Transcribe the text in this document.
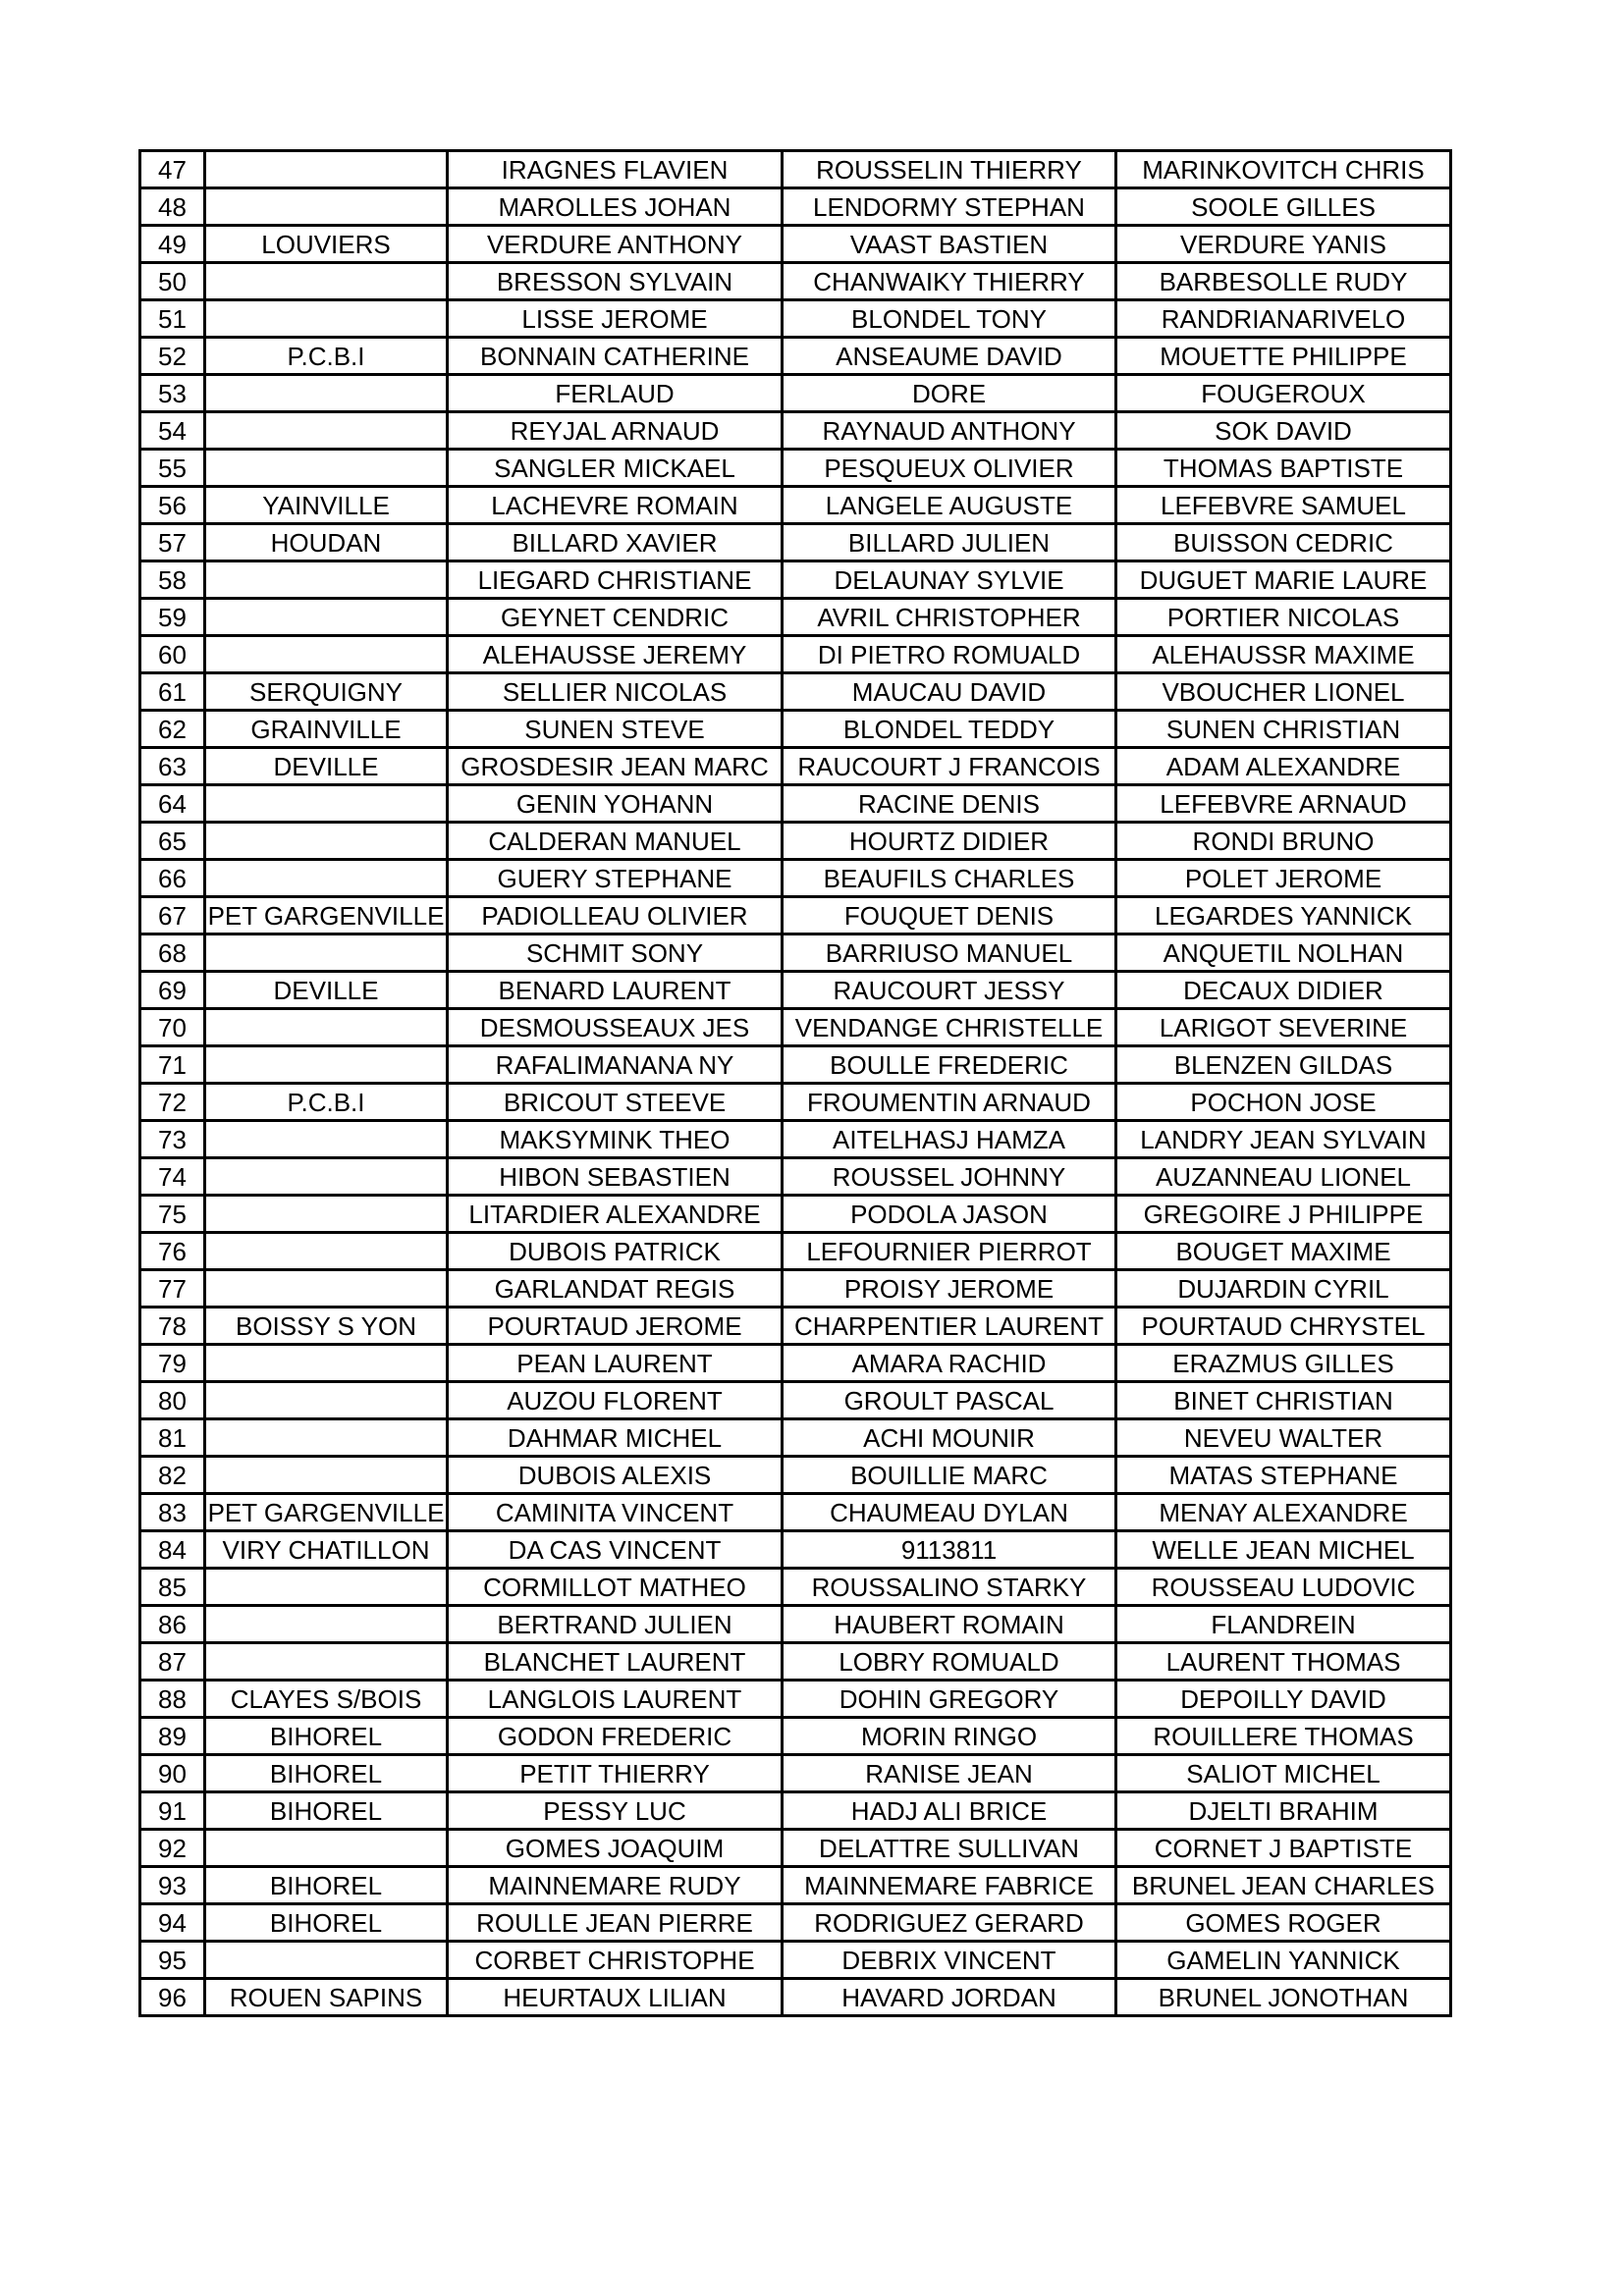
47		IRAGNES FLAVIEN	ROUSSELIN THIERRY	MARINKOVITCH CHRIS
48		MAROLLES JOHAN	LENDORMY STEPHAN	SOOLE GILLES
49	LOUVIERS	VERDURE ANTHONY	VAAST BASTIEN	VERDURE YANIS
50		BRESSON SYLVAIN	CHANWAIKY THIERRY	BARBESOLLE RUDY
51		LISSE JEROME	BLONDEL TONY	RANDRIANARIVELO
52	P.C.B.I	BONNAIN CATHERINE	ANSEAUME DAVID	MOUETTE PHILIPPE
53		FERLAUD	DORE	FOUGEROUX
54		REYJAL ARNAUD	RAYNAUD ANTHONY	SOK DAVID
55		SANGLER MICKAEL	PESQUEUX OLIVIER	THOMAS BAPTISTE
56	YAINVILLE	LACHEVRE ROMAIN	LANGELE AUGUSTE	LEFEBVRE SAMUEL
57	HOUDAN	BILLARD XAVIER	BILLARD JULIEN	BUISSON CEDRIC
58		LIEGARD CHRISTIANE	DELAUNAY SYLVIE	DUGUET MARIE LAURE
59		GEYNET CENDRIC	AVRIL CHRISTOPHER	PORTIER NICOLAS
60		ALEHAUSSE JEREMY	DI PIETRO ROMUALD	ALEHAUSSR MAXIME
61	SERQUIGNY	SELLIER NICOLAS	MAUCAU DAVID	VBOUCHER LIONEL
62	GRAINVILLE	SUNEN STEVE	BLONDEL TEDDY	SUNEN CHRISTIAN
63	DEVILLE	GROSDESIR JEAN MARC	RAUCOURT J FRANCOIS	ADAM ALEXANDRE
64		GENIN YOHANN	RACINE DENIS	LEFEBVRE ARNAUD
65		CALDERAN MANUEL	HOURTZ DIDIER	RONDI BRUNO
66		GUERY STEPHANE	BEAUFILS CHARLES	POLET JEROME
67	PET GARGENVILLE	PADIOLLEAU OLIVIER	FOUQUET DENIS	LEGARDES YANNICK
68		SCHMIT SONY	BARRIUSO MANUEL	ANQUETIL NOLHAN
69	DEVILLE	BENARD LAURENT	RAUCOURT JESSY	DECAUX DIDIER
70		DESMOUSSEAUX JES	VENDANGE CHRISTELLE	LARIGOT SEVERINE
71		RAFALIMANANA NY	BOULLE FREDERIC	BLENZEN GILDAS
72	P.C.B.I	BRICOUT STEEVE	FROUMENTIN ARNAUD	POCHON JOSE
73		MAKSYMINK THEO	AITELHASJ HAMZA	LANDRY JEAN SYLVAIN
74		HIBON SEBASTIEN	ROUSSEL JOHNNY	AUZANNEAU LIONEL
75		LITARDIER ALEXANDRE	PODOLA JASON	GREGOIRE J PHILIPPE
76		DUBOIS PATRICK	LEFOURNIER PIERROT	BOUGET MAXIME
77		GARLANDAT REGIS	PROISY JEROME	DUJARDIN CYRIL
78	BOISSY S YON	POURTAUD JEROME	CHARPENTIER LAURENT	POURTAUD CHRYSTEL
79		PEAN LAURENT	AMARA RACHID	ERAZMUS GILLES
80		AUZOU FLORENT	GROULT PASCAL	BINET CHRISTIAN
81		DAHMAR MICHEL	ACHI MOUNIR	NEVEU WALTER
82		DUBOIS ALEXIS	BOUILLIE MARC	MATAS STEPHANE
83	PET GARGENVILLE	CAMINITA VINCENT	CHAUMEAU DYLAN	MENAY ALEXANDRE
84	VIRY CHATILLON	DA CAS VINCENT	9113811	WELLE JEAN MICHEL
85		CORMILLOT MATHEO	ROUSSALINO STARKY	ROUSSEAU LUDOVIC
86		BERTRAND JULIEN	HAUBERT ROMAIN	FLANDREIN
87		BLANCHET LAURENT	LOBRY ROMUALD	LAURENT THOMAS
88	CLAYES S/BOIS	LANGLOIS LAURENT	DOHIN GREGORY	DEPOILLY DAVID
89	BIHOREL	GODON FREDERIC	MORIN RINGO	ROUILLERE THOMAS
90	BIHOREL	PETIT THIERRY	RANISE JEAN	SALIOT MICHEL
91	BIHOREL	PESSY LUC	HADJ ALI BRICE	DJELTI BRAHIM
92		GOMES JOAQUIM	DELATTRE SULLIVAN	CORNET J BAPTISTE
93	BIHOREL	MAINNEMARE RUDY	MAINNEMARE FABRICE	BRUNEL JEAN CHARLES
94	BIHOREL	ROULLE JEAN PIERRE	RODRIGUEZ GERARD	GOMES ROGER
95		CORBET CHRISTOPHE	DEBRIX VINCENT	GAMELIN YANNICK
96	ROUEN SAPINS	HEURTAUX LILIAN	HAVARD JORDAN	BRUNEL JONOTHAN
